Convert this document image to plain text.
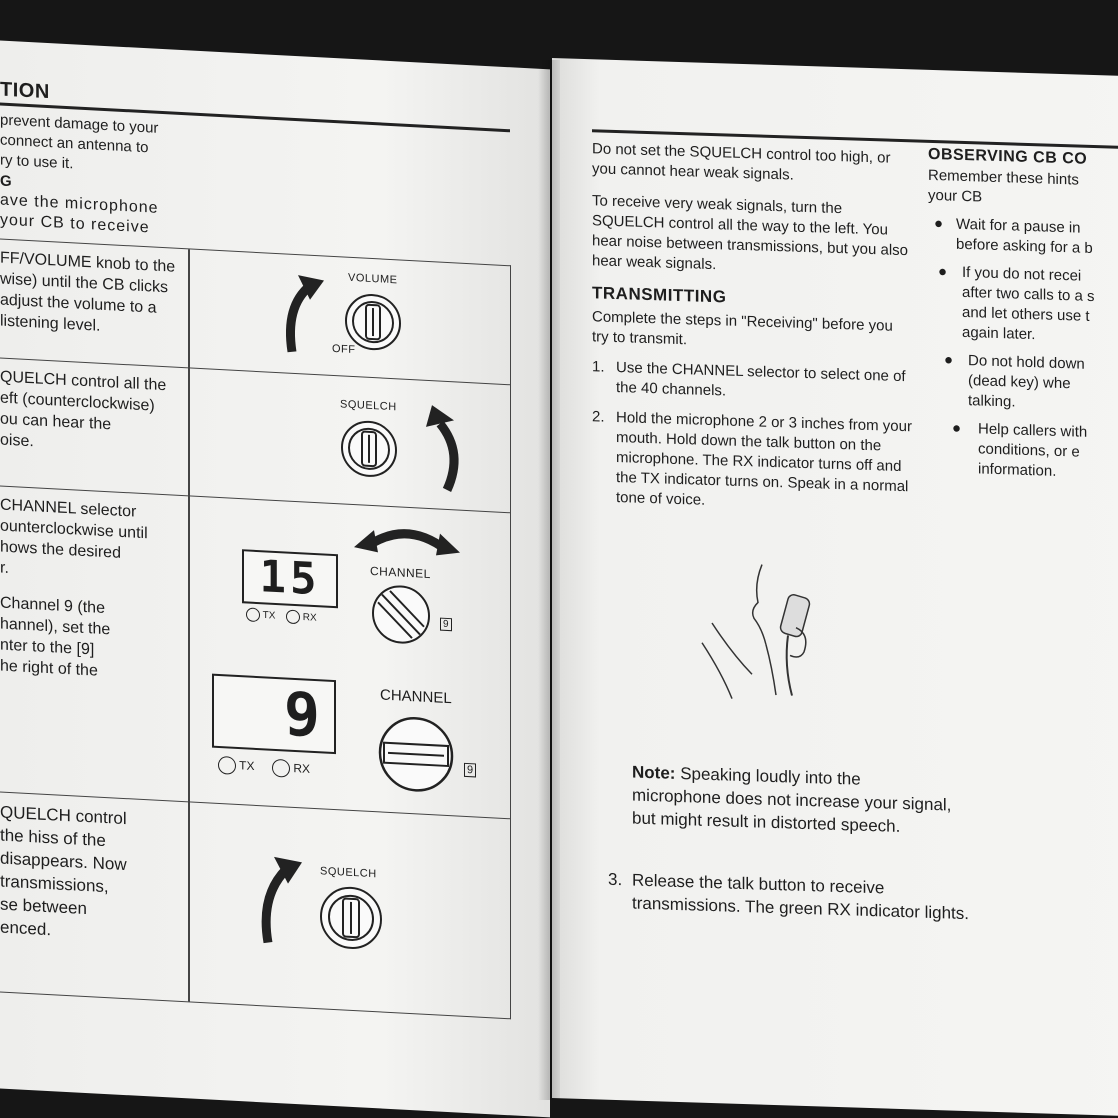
TION
prevent damage to your
connect an antenna to
ry to use it.
G
ave the microphone
your CB to receive
FF/VOLUME knob to the
wise) until the CB clicks
adjust the volume to a
listening level.
VOLUME
OFF
QUELCH control all the
eft (counterclockwise)
ou can hear the
oise.
SQUELCH
CHANNEL selector
ounterclockwise until
hows the desired
r.
Channel 9 (the
hannel), set the
nter to the [9]
he right of the
15
TX	RX
CHANNEL
9
9
TX	RX
CHANNEL
9
QUELCH control
the hiss of the
disappears. Now
transmissions,
se between
enced.
SQUELCH

Do not set the SQUELCH control too high, or you cannot hear weak signals.

To receive very weak signals, turn the SQUELCH control all the way to the left. You hear noise between transmissions, but you also hear weak signals.

TRANSMITTING

Complete the steps in "Receiving" before you try to transmit.

1. Use the CHANNEL selector to select one of the 40 channels.
2. Hold the microphone 2 or 3 inches from your mouth. Hold down the talk button on the microphone. The RX indicator turns off and the TX indicator turns on. Speak in a normal tone of voice.
Note: Speaking loudly into the microphone does not increase your signal, but might result in distorted speech.
3. Release the talk button to receive transmissions. The green RX indicator lights.
OBSERVING CB CO
Remember these hints
your CB
● Wait for a pause in
before asking for a b
● If you do not recei
after two calls to a s
and let others use t
again later.
● Do not hold down
(dead key) whe
talking.
● Help callers with
conditions, or e
information.
